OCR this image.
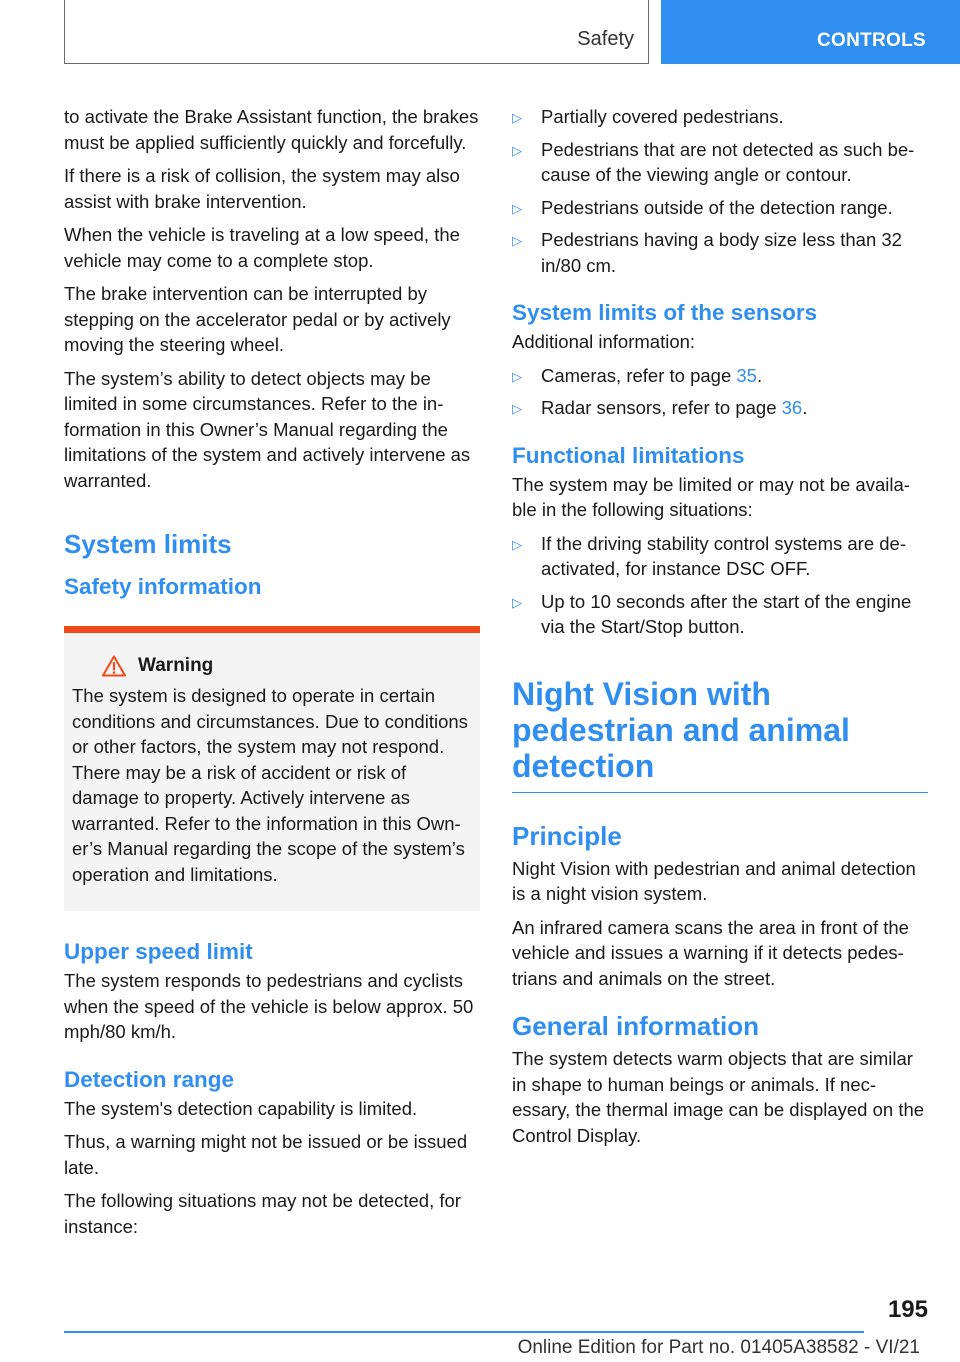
Safety	CONTROLS

to activate the Brake Assistant function, the brakes must be applied sufficiently quickly and forcefully.

If there is a risk of collision, the system may also assist with brake intervention.

When the vehicle is traveling at a low speed, the vehicle may come to a complete stop.

The brake intervention can be interrupted by stepping on the accelerator pedal or by actively moving the steering wheel.

The system’s ability to detect objects may be limited in some circumstances. Refer to the information in this Owner’s Manual regarding the limitations of the system and actively intervene as warranted.

System limits
Safety information
Warning

The system is designed to operate in certain conditions and circumstances. Due to conditions or other factors, the system may not respond. There may be a risk of accident or risk of damage to property. Actively intervene as warranted. Refer to the information in this Owner’s Manual regarding the scope of the system’s operation and limitations.

Upper speed limit

The system responds to pedestrians and cyclists when the speed of the vehicle is below approx. 50 mph/80 km/h.

Detection range

The system's detection capability is limited.

Thus, a warning might not be issued or be issued late.

The following situations may not be detected, for instance:

▷ Partially covered pedestrians.
▷ Pedestrians that are not detected as such because of the viewing angle or contour.
▷ Pedestrians outside of the detection range.
▷ Pedestrians having a body size less than 32 in/80 cm.
System limits of the sensors

Additional information:

▷ Cameras, refer to page 35.
▷ Radar sensors, refer to page 36.
Functional limitations

The system may be limited or may not be available in the following situations:

▷ If the driving stability control systems are deactivated, for instance DSC OFF.
▷ Up to 10 seconds after the start of the engine via the Start/Stop button.
Night Vision with pedestrian and animal detection
Principle

Night Vision with pedestrian and animal detection is a night vision system.

An infrared camera scans the area in front of the vehicle and issues a warning if it detects pedestrians and animals on the street.

General information

The system detects warm objects that are similar in shape to human beings or animals. If necessary, the thermal image can be displayed on the Control Display.

195
Online Edition for Part no. 01405A38582 - VI/21
